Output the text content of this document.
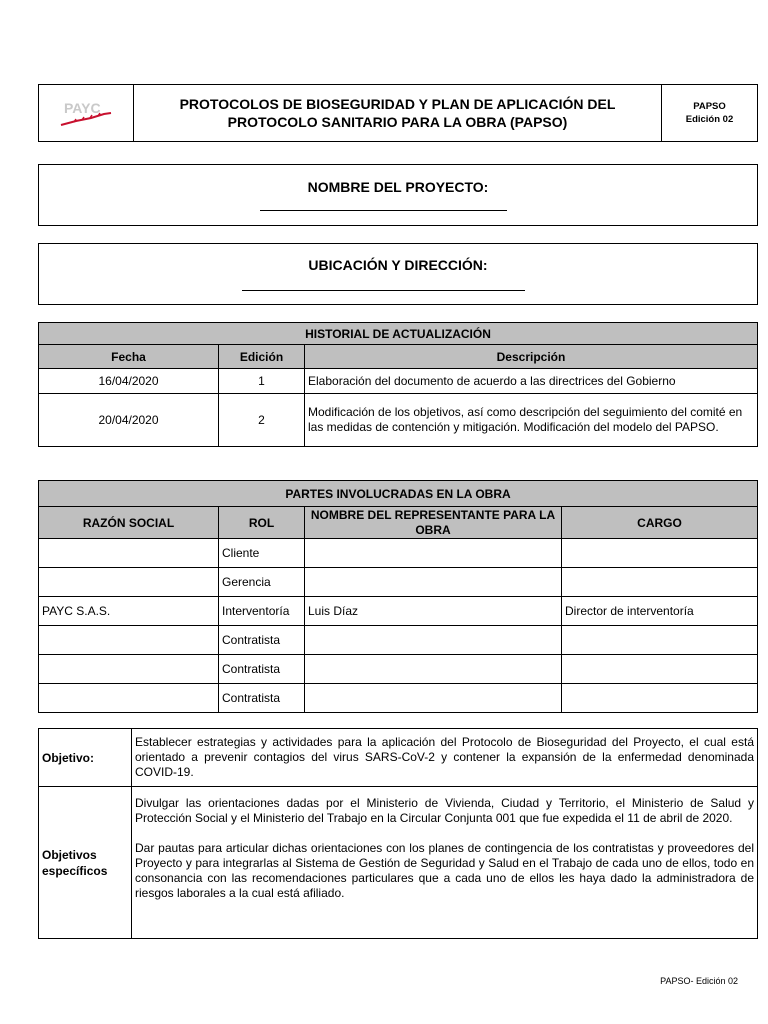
PAYC	PROTOCOLOS DE BIOSEGURIDAD Y PLAN DE APLICACIÓN DEL
PROTOCOLO SANITARIO PARA LA OBRA (PAPSO)
PAPSO
Edición 02
NOMBRE DEL PROYECTO:
UBICACIÓN Y DIRECCIÓN:
HISTORIAL DE ACTUALIZACIÓN		
Fecha	Edición	Descripción
16/04/2020	1	Elaboración del documento de acuerdo a las directrices del Gobierno
20/04/2020	2	Modificación de los objetivos, así como descripción del seguimiento del comité en las medidas de contención y mitigación. Modificación del modelo del PAPSO.
PARTES INVOLUCRADAS EN LA OBRA			
RAZÓN SOCIAL	ROL	NOMBRE DEL REPRESENTANTE PARA LA OBRA	CARGO
	Cliente		
	Gerencia		
PAYC S.A.S.	Interventoría	Luis Díaz	Director de interventoría
	Contratista		
	Contratista		
	Contratista		
Objetivo:	Establecer estrategias y actividades para la aplicación del Protocolo de Bioseguridad del Proyecto, el cual está orientado a prevenir contagios del virus SARS-CoV-2 y contener la expansión de la enfermedad denominada COVID-19.
Objetivos específicos	Divulgar las orientaciones dadas por el Ministerio de Vivienda, Ciudad y Territorio, el Ministerio de Salud y Protección Social y el Ministerio del Trabajo en la Circular Conjunta 001 que fue expedida el 11 de abril de 2020.
Dar pautas para articular dichas orientaciones con los planes de contingencia de los contratistas y proveedores del Proyecto y para integrarlas al Sistema de Gestión de Seguridad y Salud en el Trabajo de cada uno de ellos, todo en consonancia con las recomendaciones particulares que a cada uno de ellos les haya dado la administradora de riesgos laborales a la cual está afiliado.
PAPSO- Edición 02
